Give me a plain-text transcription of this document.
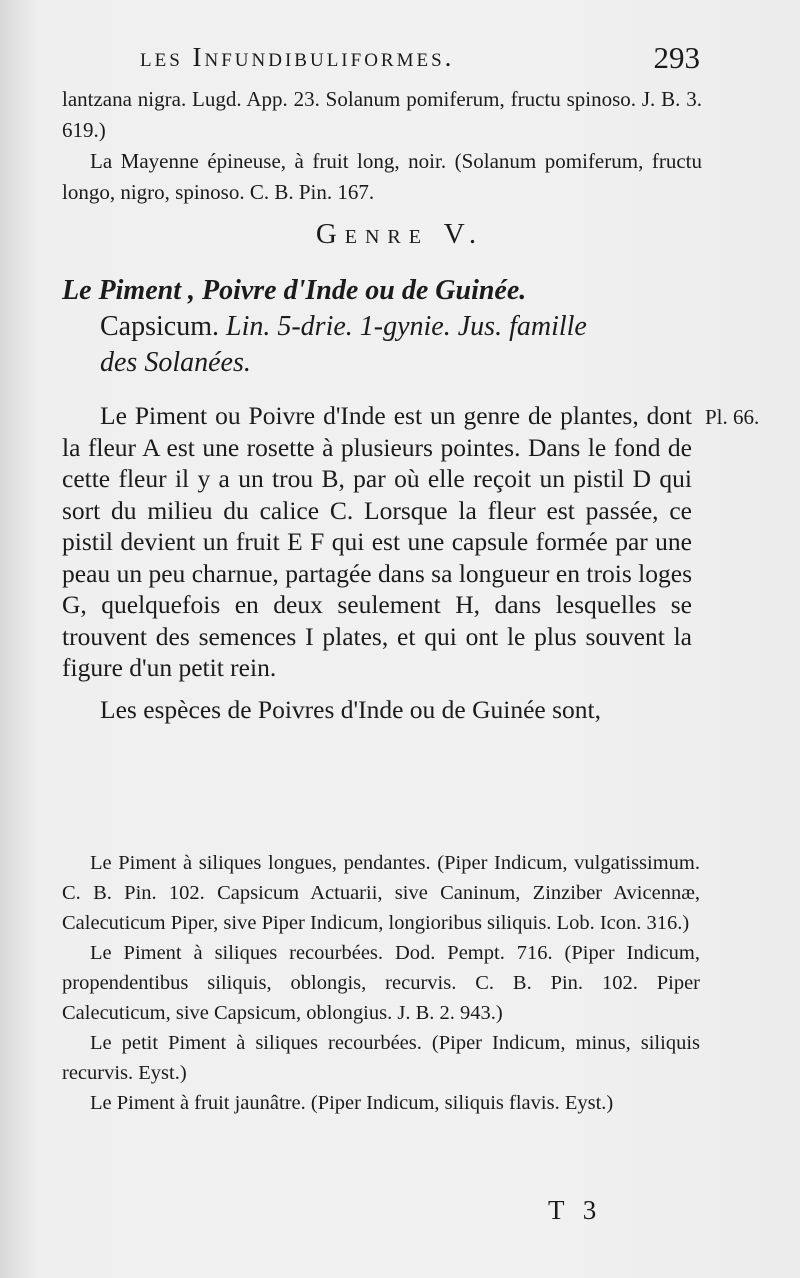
les Infundibuliformes.	293

lantzana nigra. Lugd. App. 23. Solanum pomiferum, fructu spinoso. J. B. 3. 619.)

La Mayenne épineuse, à fruit long, noir. (Solanum pomiferum, fructu longo, nigro, spinoso. C. B. Pin. 167.

Genre V.
Le Piment , Poivre d'Inde ou de Guinée.
Capsicum. Lin. 5-drie. 1-gynie. Jus. famille
des Solanées.
Pl. 66.

Le Piment ou Poivre d'Inde est un genre de plantes, dont la fleur A est une rosette à plusieurs pointes. Dans le fond de cette fleur il y a un trou B, par où elle reçoit un pistil D qui sort du milieu du calice C. Lorsque la fleur est passée, ce pistil devient un fruit E F qui est une capsule formée par une peau un peu charnue, partagée dans sa longueur en trois loges G, quelquefois en deux seulement H, dans lesquelles se trouvent des semences I plates, et qui ont le plus souvent la figure d'un petit rein.

Les espèces de Poivres d'Inde ou de Guinée sont,

Le Piment à siliques longues, pendantes. (Piper Indicum, vulgatissimum. C. B. Pin. 102. Capsicum Actuarii, sive Caninum, Zinziber Avicennæ, Calecuticum Piper, sive Piper Indicum, longioribus siliquis. Lob. Icon. 316.)

Le Piment à siliques recourbées. Dod. Pempt. 716. (Piper Indicum, propendentibus siliquis, oblongis, recurvis. C. B. Pin. 102. Piper Calecuticum, sive Capsicum, oblongius. J. B. 2. 943.)

Le petit Piment à siliques recourbées. (Piper Indicum, minus, siliquis recurvis. Eyst.)

Le Piment à fruit jaunâtre. (Piper Indicum, siliquis flavis. Eyst.)

T 3
